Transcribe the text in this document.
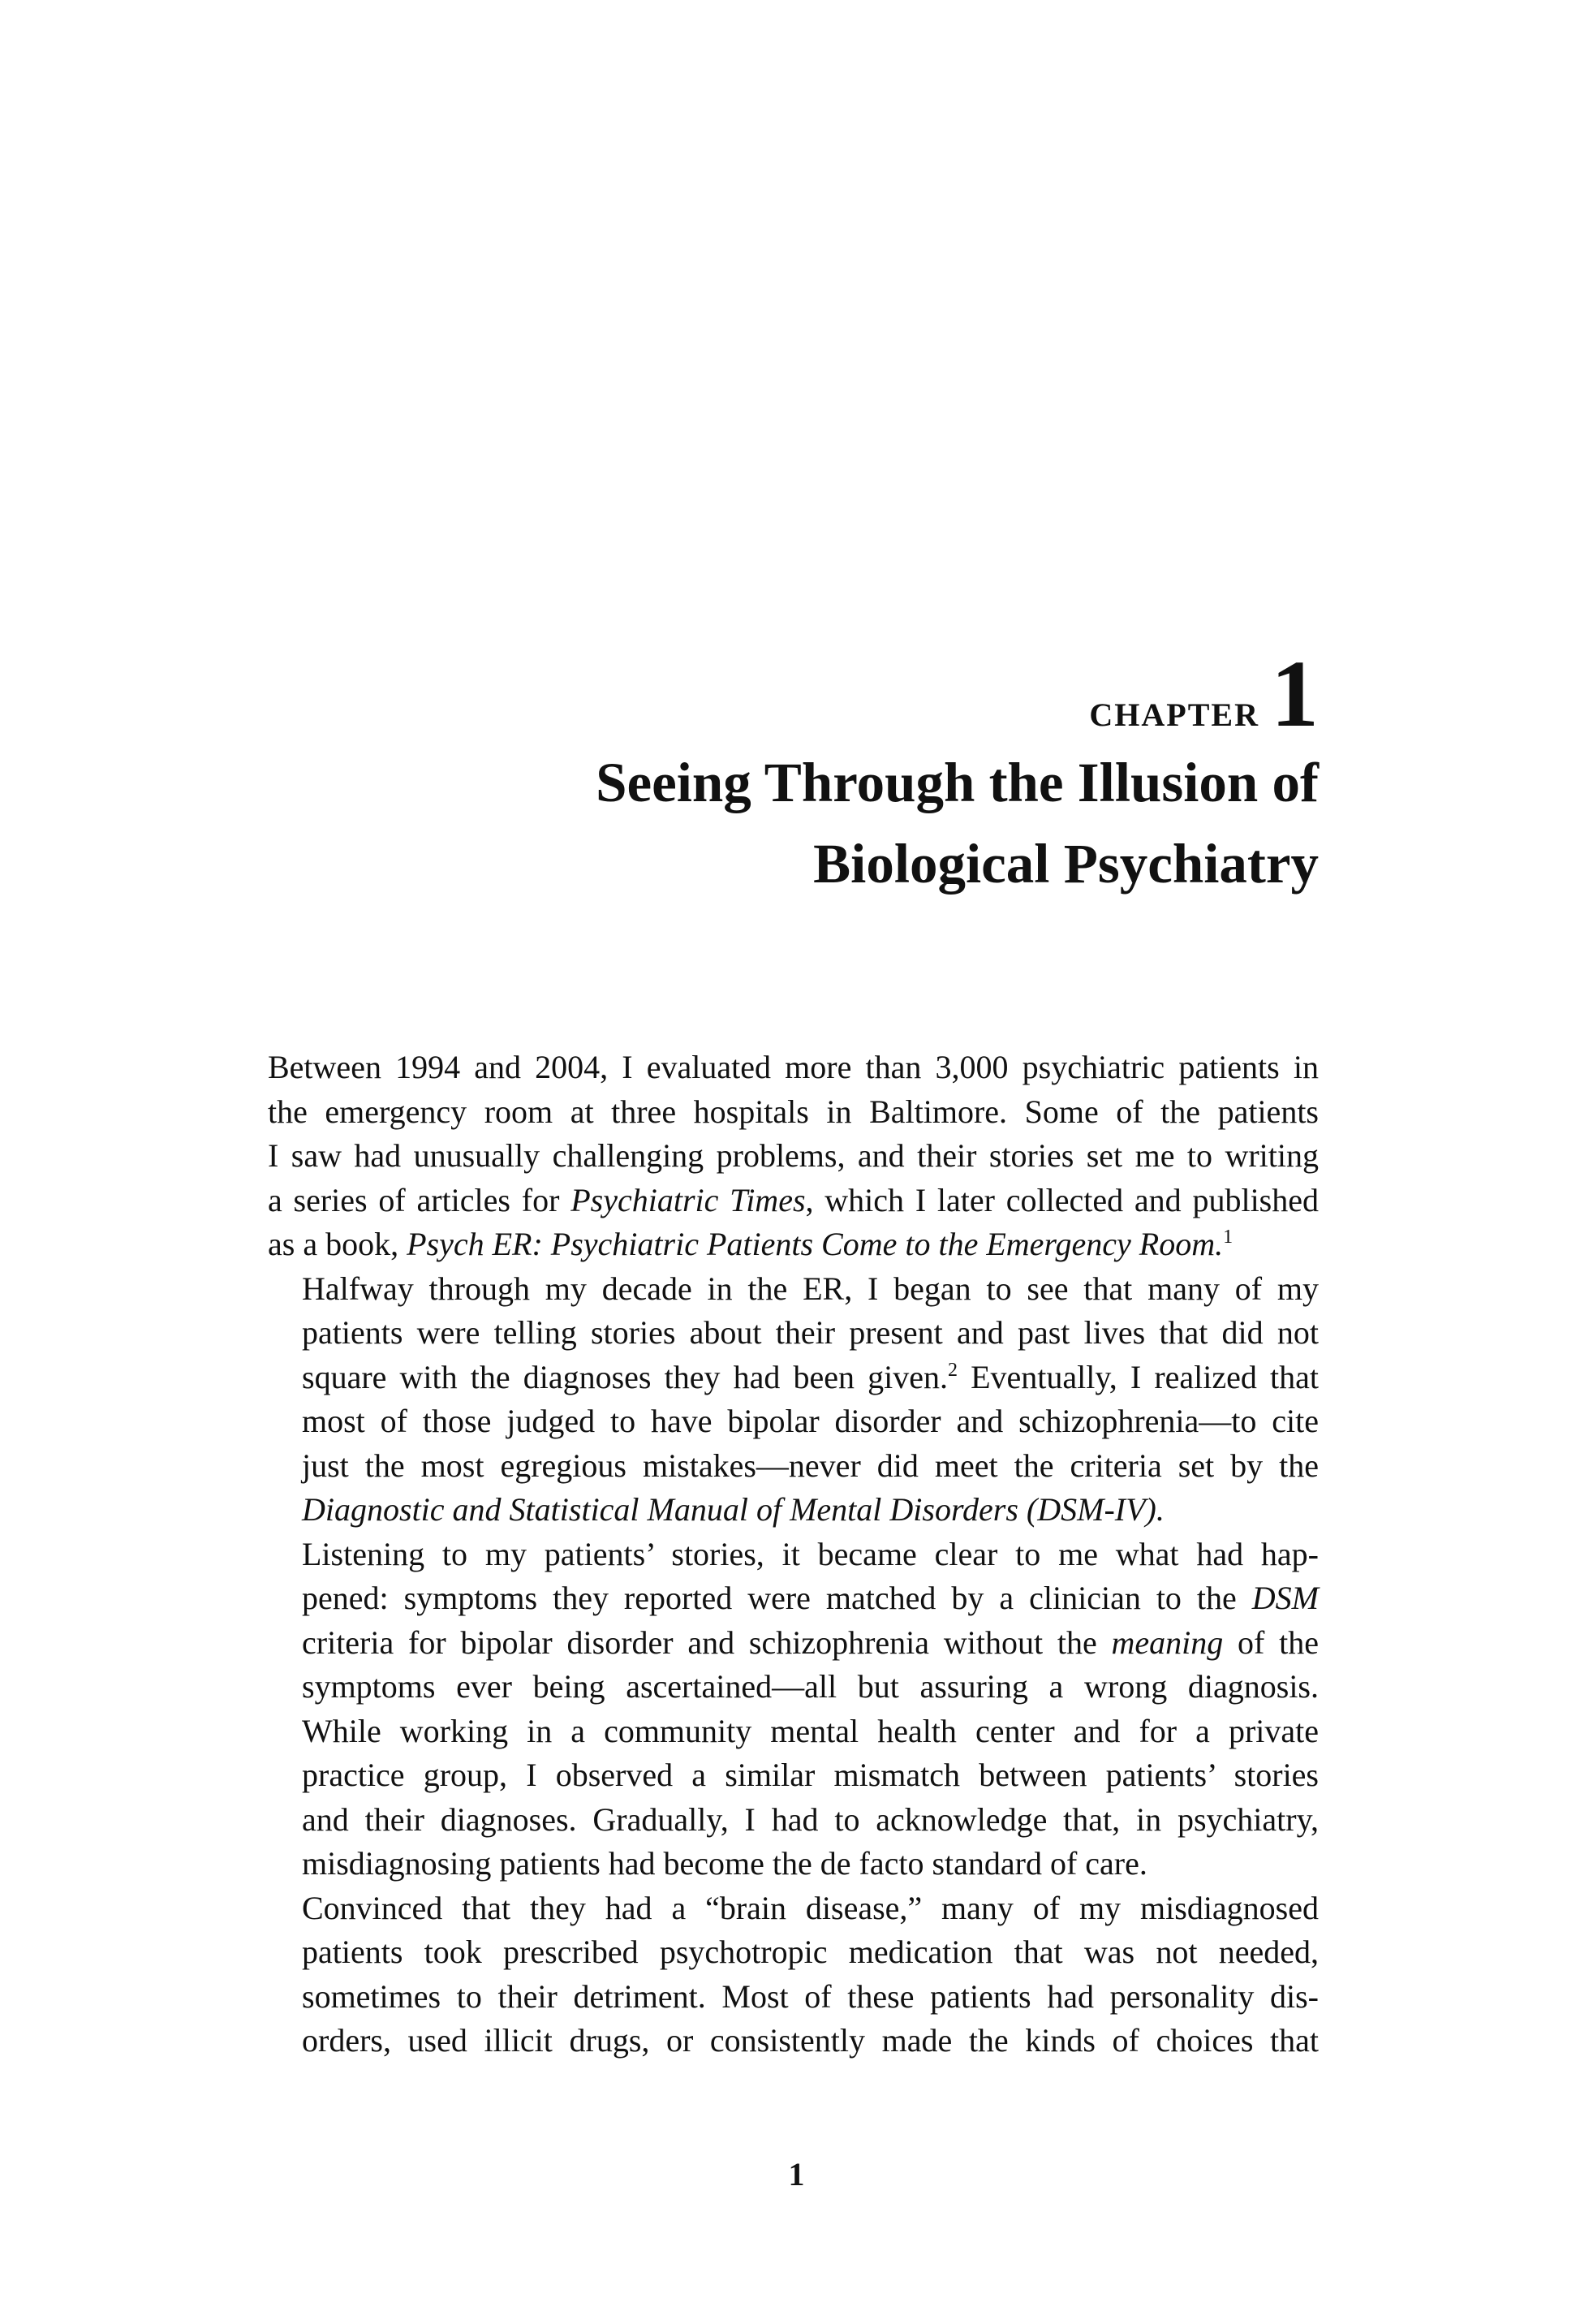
CHAPTER 1
Seeing Through the Illusion of
Biological Psychiatry

Between 1994 and 2004, I evaluated more than 3,000 psychiatric patients in
the emergency room at three hospitals in Baltimore. Some of the patients
I saw had unusually challenging problems, and their stories set me to writing
a series of articles for Psychiatric Times, which I later collected and published
as a book, Psych ER: Psychiatric Patients Come to the Emergency Room.$^1$

Halfway through my decade in the ER, I began to see that many of my
patients were telling stories about their present and past lives that did not
square with the diagnoses they had been given.$^2$ Eventually, I realized that
most of those judged to have bipolar disorder and schizophrenia—to cite
just the most egregious mistakes—never did meet the criteria set by the
Diagnostic and Statistical Manual of Mental Disorders (DSM-IV).

Listening to my patients’ stories, it became clear to me what had hap-
pened: symptoms they reported were matched by a clinician to the DSM
criteria for bipolar disorder and schizophrenia without the meaning of the
symptoms ever being ascertained—all but assuring a wrong diagnosis.
While working in a community mental health center and for a private
practice group, I observed a similar mismatch between patients’ stories
and their diagnoses. Gradually, I had to acknowledge that, in psychiatry,
misdiagnosing patients had become the de facto standard of care.

Convinced that they had a “brain disease,” many of my misdiagnosed
patients took prescribed psychotropic medication that was not needed,
sometimes to their detriment. Most of these patients had personality dis-
orders, used illicit drugs, or consistently made the kinds of choices that

1
